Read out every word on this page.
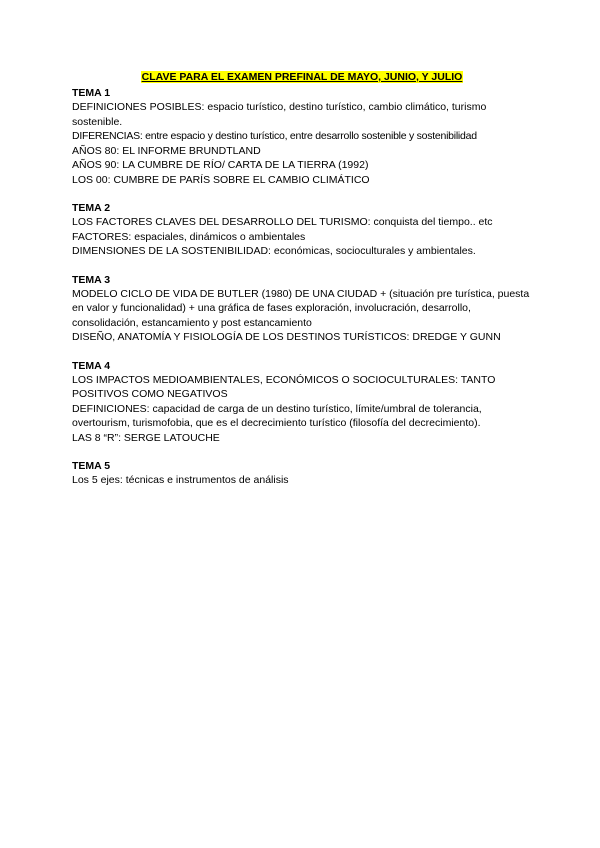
CLAVE PARA EL EXAMEN PREFINAL DE MAYO, JUNIO, Y JULIO

TEMA 1

DEFINICIONES POSIBLES: espacio turístico, destino turístico, cambio climático, turismo sostenible.

DIFERENCIAS: entre espacio y destino turístico, entre desarrollo sostenible y sostenibilidad

AÑOS 80: EL INFORME BRUNDTLAND

AÑOS 90: LA CUMBRE DE RÍO/ CARTA DE LA TIERRA (1992)

LOS 00: CUMBRE DE PARÍS SOBRE EL CAMBIO CLIMÁTICO

TEMA 2

LOS FACTORES CLAVES DEL DESARROLLO DEL TURISMO: conquista del tiempo.. etc

FACTORES: espaciales, dinámicos o ambientales

DIMENSIONES DE LA SOSTENIBILIDAD: económicas, socioculturales y ambientales.

TEMA 3

MODELO CICLO DE VIDA DE BUTLER (1980) DE UNA CIUDAD + (situación pre turística, puesta en valor y funcionalidad) + una gráfica de fases exploración, involucración, desarrollo, consolidación, estancamiento y post estancamiento

DISEÑO, ANATOMÍA Y FISIOLOGÍA DE LOS DESTINOS TURÍSTICOS: DREDGE Y GUNN

TEMA 4

LOS IMPACTOS MEDIOAMBIENTALES, ECONÓMICOS O SOCIOCULTURALES: TANTO POSITIVOS COMO NEGATIVOS

DEFINICIONES: capacidad de carga de un destino turístico, límite/umbral de tolerancia, overtourism, turismofobia, que es el decrecimiento turístico (filosofía del decrecimiento).

LAS 8 “R”: SERGE LATOUCHE

TEMA 5

Los 5 ejes: técnicas e instrumentos de análisis
